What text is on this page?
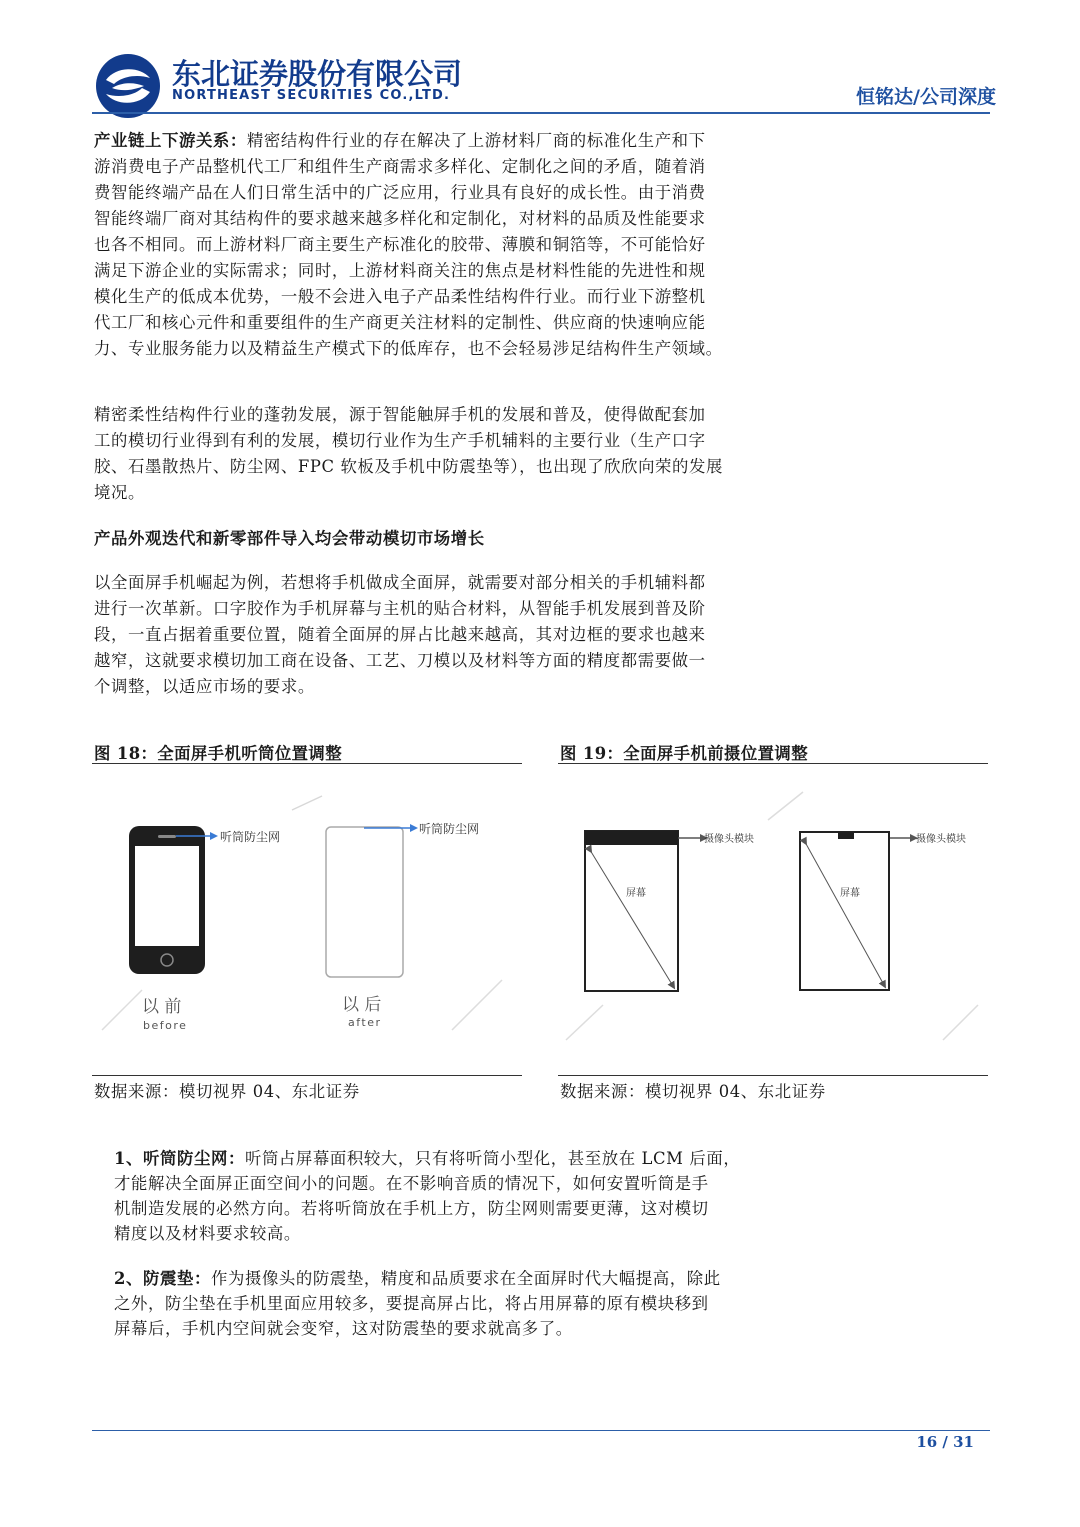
东北证券股份有限公司
NORTHEAST SECURITIES CO.,LTD.	恒铭达/公司深度
产业链上下游关系：精密结构件行业的存在解决了上游材料厂商的标准化生产和下
游消费电子产品整机代工厂和组件生产商需求多样化、定制化之间的矛盾，随着消
费智能终端产品在人们日常生活中的广泛应用，行业具有良好的成长性。由于消费
智能终端厂商对其结构件的要求越来越多样化和定制化，对材料的品质及性能要求
也各不相同。而上游材料厂商主要生产标准化的胶带、薄膜和铜箔等，不可能恰好
满足下游企业的实际需求；同时，上游材料商关注的焦点是材料性能的先进性和规
模化生产的低成本优势，一般不会进入电子产品柔性结构件行业。而行业下游整机
代工厂和核心元件和重要组件的生产商更关注材料的定制性、供应商的快速响应能
力、专业服务能力以及精益生产模式下的低库存，也不会轻易涉足结构件生产领域。
精密柔性结构件行业的蓬勃发展，源于智能触屏手机的发展和普及，使得做配套加
工的模切行业得到有利的发展，模切行业作为生产手机辅料的主要行业（生产口字
胶、石墨散热片、防尘网、FPC 软板及手机中防震垫等），也出现了欣欣向荣的发展
境况。
产品外观迭代和新零部件导入均会带动模切市场增长
以全面屏手机崛起为例，若想将手机做成全面屏，就需要对部分相关的手机辅料都
进行一次革新。口字胶作为手机屏幕与主机的贴合材料，从智能手机发展到普及阶
段，一直占据着重要位置，随着全面屏的屏占比越来越高，其对边框的要求也越来
越窄，这就要求模切加工商在设备、工艺、刀模以及材料等方面的精度都需要做一
个调整，以适应市场的要求。
图 18：全面屏手机听筒位置调整
听筒防尘网
以 前
before
听筒防尘网
以 后
after
数据来源：模切视界 04、东北证券
图 19：全面屏手机前摄位置调整
屏幕
摄像头模块
屏幕
摄像头模块
数据来源：模切视界 04、东北证券
1、听筒防尘网：听筒占屏幕面积较大，只有将听筒小型化，甚至放在 LCM 后面，
才能解决全面屏正面空间小的问题。在不影响音质的情况下，如何安置听筒是手
机制造发展的必然方向。若将听筒放在手机上方，防尘网则需要更薄，这对模切
精度以及材料要求较高。
2、防震垫：作为摄像头的防震垫，精度和品质要求在全面屏时代大幅提高，除此
之外，防尘垫在手机里面应用较多，要提高屏占比，将占用屏幕的原有模块移到
屏幕后，手机内空间就会变窄，这对防震垫的要求就高多了。
16 / 31
